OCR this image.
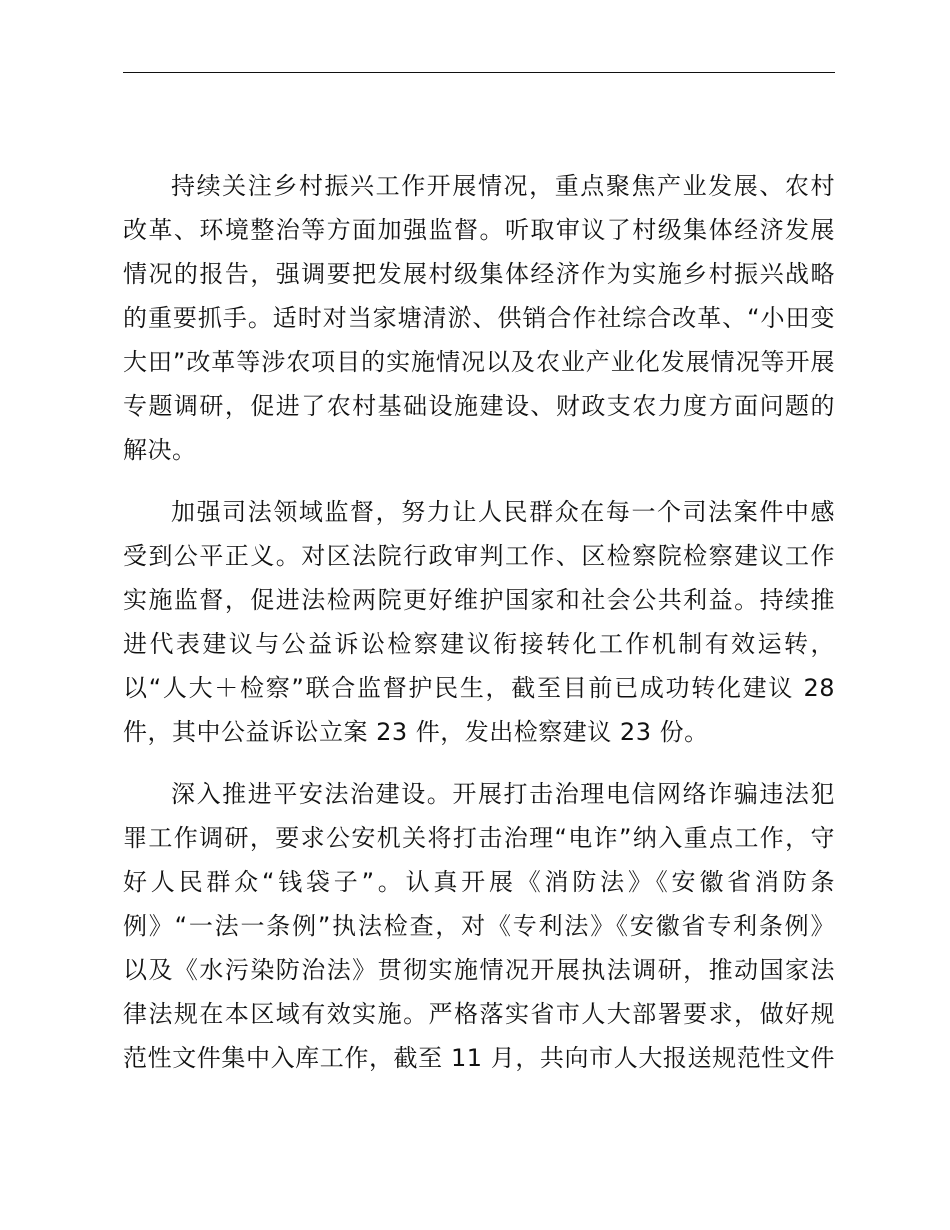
持续关注乡村振兴工作开展情况，重点聚焦产业发展、农村
改革、环境整治等方面加强监督。听取审议了村级集体经济发展
情况的报告，强调要把发展村级集体经济作为实施乡村振兴战略
的重要抓手。适时对当家塘清淤、供销合作社综合改革、“小田变
大田”改革等涉农项目的实施情况以及农业产业化发展情况等开展
专题调研，促进了农村基础设施建设、财政支农力度方面问题的
解决。
加强司法领域监督，努力让人民群众在每一个司法案件中感
受到公平正义。对区法院行政审判工作、区检察院检察建议工作
实施监督，促进法检两院更好维护国家和社会公共利益。持续推
进代表建议与公益诉讼检察建议衔接转化工作机制有效运转，
以“人大＋检察”联合监督护民生，截至目前已成功转化建议 28
件，其中公益诉讼立案 23 件，发出检察建议 23 份。
深入推进平安法治建设。开展打击治理电信网络诈骗违法犯
罪工作调研，要求公安机关将打击治理“电诈”纳入重点工作，守
好人民群众“钱袋子”。认真开展《消防法》《安徽省消防条
例》“一法一条例”执法检查，对《专利法》《安徽省专利条例》
以及《水污染防治法》贯彻实施情况开展执法调研，推动国家法
律法规在本区域有效实施。严格落实省市人大部署要求，做好规
范性文件集中入库工作，截至 11 月，共向市人大报送规范性文件
